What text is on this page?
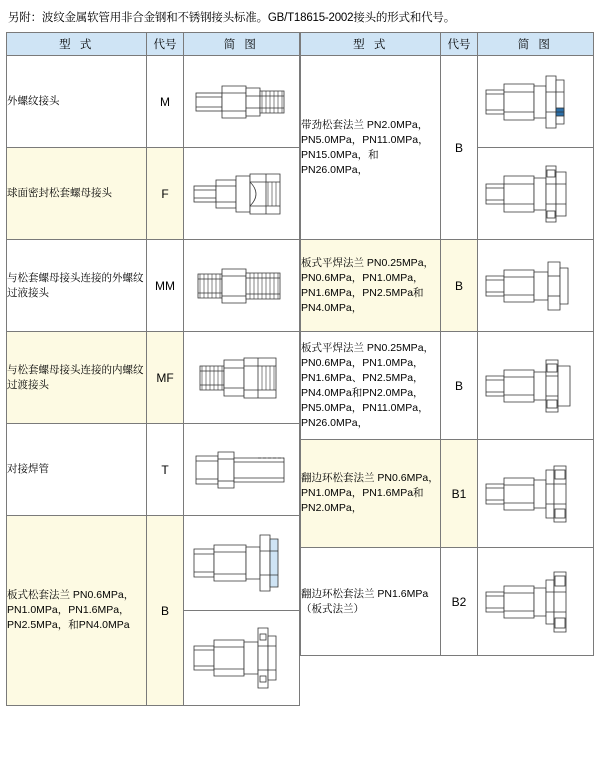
另附：波纹金属软管用非合金钢和不锈钢接头标准。GB/T18615-2002接头的形式和代号。
型 式	代号	简 图
外螺纹接头	M	

球面密封松套螺母接头	F	

与松套螺母接头连接的外螺纹过液接头	MM	

与松套螺母接头连接的内螺纹过渡接头	MF	

对接焊管	T	

板式松套法兰 PN0.6MPa，PN1.0MPa，PN1.6MPa，PN2.5MPa，和PN4.0MPa	B	

型 式	代号	简 图
带劲松套法兰 PN2.0MPa，PN5.0MPa，PN11.0MPa，PN15.0MPa，和PN26.0MPa，	B	

板式平焊法兰 PN0.25MPa，PN0.6MPa，PN1.0MPa，PN1.6MPa，PN2.5MPa和PN4.0MPa，	B	

板式平焊法兰 PN0.25MPa，PN0.6MPa，PN1.0MPa，PN1.6MPa、PN2.5MPa，PN4.0MPa和PN2.0MPa，PN5.0MPa，PN11.0MPa，PN26.0MPa，	B	

翻边环松套法兰 PN0.6MPa，PN1.0MPa，PN1.6MPa和PN2.0MPa，	B1	

翻边环松套法兰 PN1.6MPa（板式法兰）	B2	
